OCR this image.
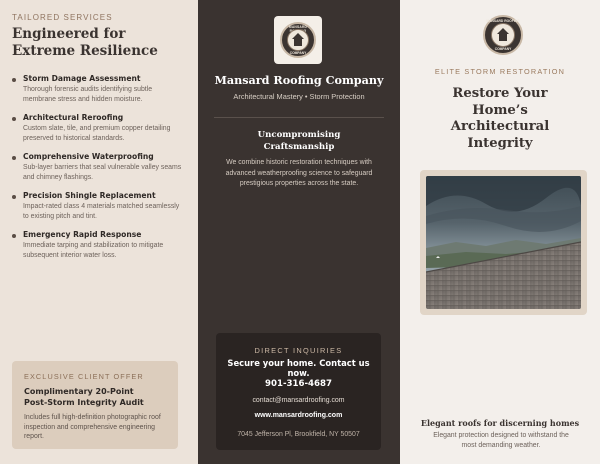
TAILORED SERVICES
Engineered for
Extreme Resilience
Storm Damage Assessment
Thorough forensic audits identifying subtle membrane stress and hidden moisture.
Architectural Reroofing
Custom slate, tile, and premium copper detailing preserved to historical standards.
Comprehensive Waterproofing
Sub-layer barriers that seal vulnerable valley seams and chimney flashings.
Precision Shingle Replacement
Impact-rated class 4 materials matched seamlessly to existing pitch and tint.
Emergency Rapid Response
Immediate tarping and stabilization to mitigate subsequent interior water loss.
EXCLUSIVE CLIENT OFFER
Complimentary 20-Point
Post-Storm Integrity Audit
Includes full high-definition photographic roof inspection and comprehensive engineering report.
MANSARD
COMPANY
Mansard Roofing Company
Architectural Mastery • Storm Protection
Uncompromising
Craftsmanship

We combine historic restoration techniques with advanced weatherproofing science to safeguard prestigious properties across the state.

DIRECT INQUIRIES
Secure your home. Contact us now.
901-316-4687
contact@mansardroofing.com
www.mansardroofing.com
7045 Jefferson Pl, Brookfield, NY 50507
MANSARD ROOFING
COMPANY
ELITE STORM RESTORATION
Restore Your
Home’s
Architectural
Integrity
Elegant roofs for discerning homes
Elegant protection designed to withstand the most demanding weather.
